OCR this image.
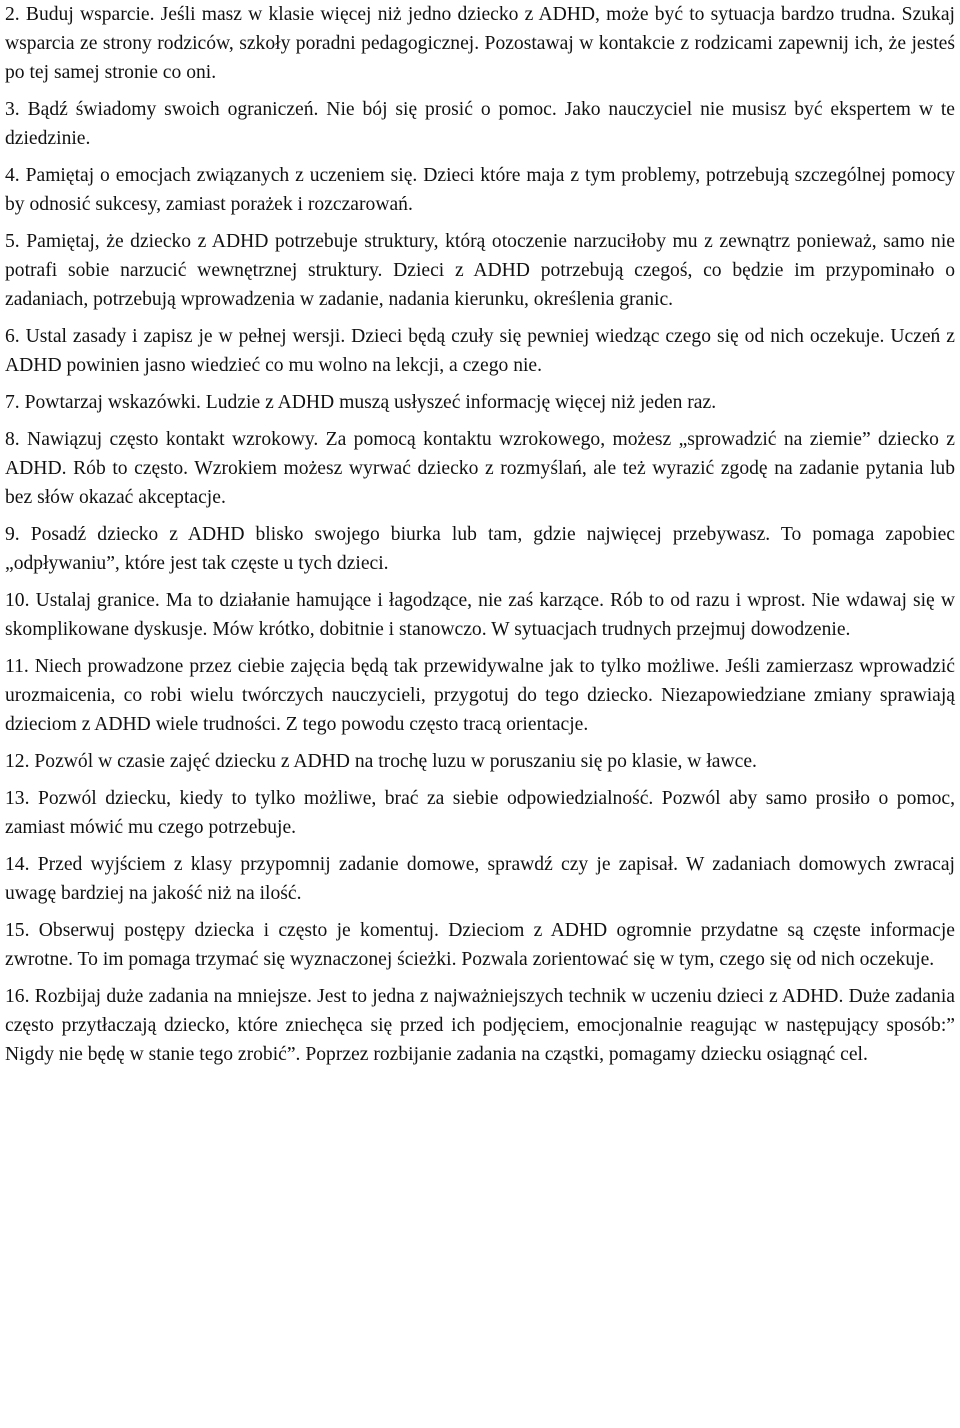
2. Buduj wsparcie. Jeśli masz w klasie więcej niż jedno dziecko z ADHD, może być to sytuacja bardzo trudna. Szukaj wsparcia ze strony rodziców, szkoły poradni pedagogicznej. Pozostawaj w kontakcie z rodzicami zapewnij ich, że jesteś po tej samej stronie co oni.

3. Bądź świadomy swoich ograniczeń. Nie bój się prosić o pomoc. Jako nauczyciel nie musisz być ekspertem w te dziedzinie.

4. Pamiętaj o emocjach związanych z uczeniem się. Dzieci które maja z tym problemy, potrzebują szczególnej pomocy by odnosić sukcesy, zamiast porażek i rozczarowań.

5. Pamiętaj, że dziecko z ADHD potrzebuje struktury, którą otoczenie narzuciłoby mu z zewnątrz ponieważ, samo nie potrafi sobie narzucić wewnętrznej struktury. Dzieci z ADHD potrzebują czegoś, co będzie im przypominało o zadaniach, potrzebują wprowadzenia w zadanie, nadania kierunku, określenia granic.

6. Ustal zasady i zapisz je w pełnej wersji. Dzieci będą czuły się pewniej wiedząc czego się od nich oczekuje. Uczeń z ADHD powinien jasno wiedzieć co mu wolno na lekcji, a czego nie.

7. Powtarzaj wskazówki. Ludzie z ADHD muszą usłyszeć informację więcej niż jeden raz.

8. Nawiązuj często kontakt wzrokowy. Za pomocą kontaktu wzrokowego, możesz „sprowadzić na ziemie” dziecko z ADHD. Rób to często. Wzrokiem możesz wyrwać dziecko z rozmyślań, ale też wyrazić zgodę na zadanie pytania lub bez słów okazać akceptacje.

9. Posadź dziecko z ADHD blisko swojego biurka lub tam, gdzie najwięcej przebywasz. To pomaga zapobiec „odpływaniu”, które jest tak częste u tych dzieci.

10. Ustalaj granice. Ma to działanie hamujące i łagodzące, nie zaś karzące. Rób to od razu i wprost. Nie wdawaj się w skomplikowane dyskusje. Mów krótko, dobitnie i stanowczo. W sytuacjach trudnych przejmuj dowodzenie.

11. Niech prowadzone przez ciebie zajęcia będą tak przewidywalne jak to tylko możliwe. Jeśli zamierzasz wprowadzić urozmaicenia, co robi wielu twórczych nauczycieli, przygotuj do tego dziecko. Niezapowiedziane zmiany sprawiają dzieciom z ADHD wiele trudności. Z tego powodu często tracą orientacje.

12. Pozwól w czasie zajęć dziecku z ADHD na trochę luzu w poruszaniu się po klasie, w ławce.

13. Pozwól dziecku, kiedy to tylko możliwe, brać za siebie odpowiedzialność. Pozwól aby samo prosiło o pomoc, zamiast mówić mu czego potrzebuje.

14. Przed wyjściem z klasy przypomnij zadanie domowe, sprawdź czy je zapisał. W zadaniach domowych zwracaj uwagę bardziej na jakość niż na ilość.

15. Obserwuj postępy dziecka i często je komentuj. Dzieciom z ADHD ogromnie przydatne są częste informacje zwrotne. To im pomaga trzymać się wyznaczonej ścieżki. Pozwala zorientować się w tym, czego się od nich oczekuje.

16. Rozbijaj duże zadania na mniejsze. Jest to jedna z najważniejszych technik w uczeniu dzieci z ADHD. Duże zadania często przytłaczają dziecko, które zniechęca się przed ich podjęciem, emocjonalnie reagując w następujący sposób:” Nigdy nie będę w stanie tego zrobić”. Poprzez rozbijanie zadania na cząstki, pomagamy dziecku osiągnąć cel.
